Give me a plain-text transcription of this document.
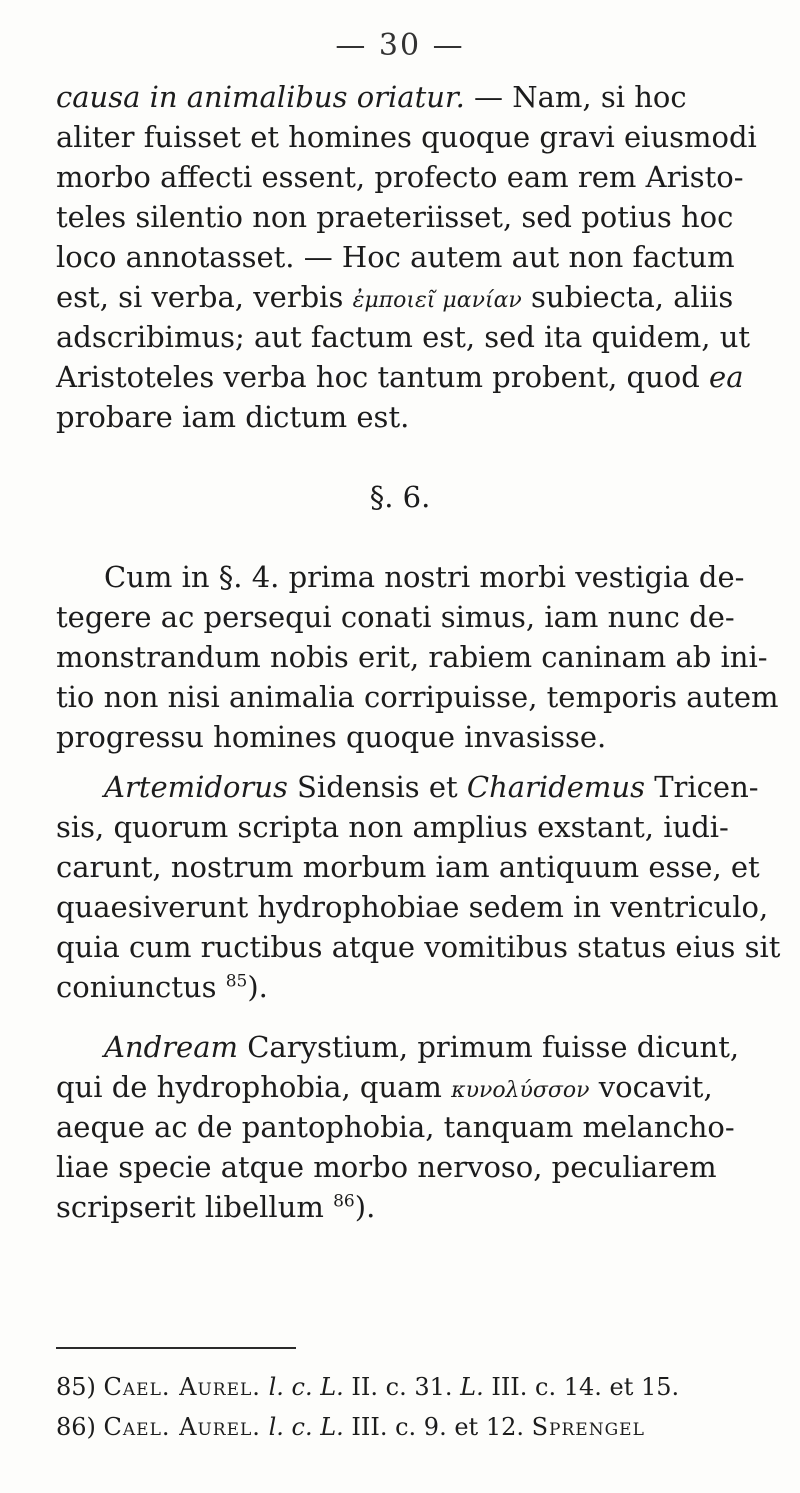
— 30 —
causa in animalibus oriatur. — Nam, si hoc
aliter fuisset et homines quoque gravi eiusmodi
morbo affecti essent, profecto eam rem Aristo-
teles silentio non praeteriisset, sed potius hoc
loco annotasset. — Hoc autem aut non factum
est, si verba, verbis ἐμποιεῖ μανίαν subiecta, aliis
adscribimus; aut factum est, sed ita quidem, ut
Aristoteles verba hoc tantum probent, quod ea
probare iam dictum est.
§. 6.
Cum in §. 4. prima nostri morbi vestigia de-
tegere ac persequi conati simus, iam nunc de-
monstrandum nobis erit, rabiem caninam ab ini-
tio non nisi animalia corripuisse, temporis autem
progressu homines quoque invasisse.
Artemidorus Sidensis et Charidemus Tricen-
sis, quorum scripta non amplius exstant, iudi-
carunt, nostrum morbum iam antiquum esse, et
quaesiverunt hydrophobiae sedem in ventriculo,
quia cum ructibus atque vomitibus status eius sit
coniunctus $^{85}$).
Andream Carystium, primum fuisse dicunt,
qui de hydrophobia, quam κυνολύσσον vocavit,
aeque ac de pantophobia, tanquam melancho-
liae specie atque morbo nervoso, peculiarem
scripserit libellum $^{86}$).
85) Cael. Aurel. l. c. L. II. c. 31. L. III. c. 14. et 15.
86) Cael. Aurel. l. c. L. III. c. 9. et 12. Sprengel
